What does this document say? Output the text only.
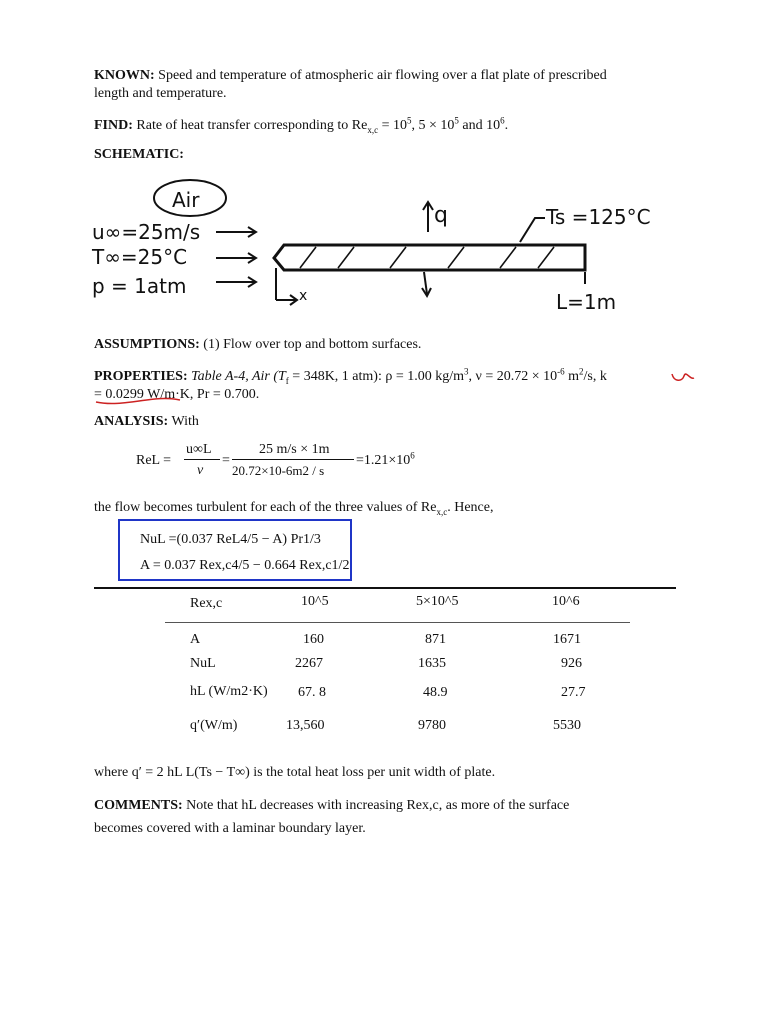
KNOWN: Speed and temperature of atmospheric air flowing over a flat plate of prescribed
length and temperature.
FIND: Rate of heat transfer corresponding to $Re_{x,c} = 10^5$, $5 \times 10^5$ and $10^6$.
SCHEMATIC:
Air
u∞=25m/s
T∞=25°C
p = 1atm
q	Ts =125°C
x	L=1m
ASSUMPTIONS: (1) Flow over top and bottom surfaces.
PROPERTIES: Table A-4, Air ($T_f = 348K$, 1 atm): ρ = 1.00 $kg/m^3$, $\nu = 20.72 \times 10^{-6}$ $m^2/s$, k
= 0.0299 W/m·K, Pr = 0.700.
ANALYSIS: With
ReL =
u∞L
ν
=
25 m/s × 1m
20.72×10-6m2 / s
$=1.21\times 10^6$
the flow becomes turbulent for each of the three values of $Re_{x,c}$. Hence,
NuL =(0.037 ReL4/5 − A) Pr1/3
A = 0.037 Rex,c4/5 − 0.664 Rex,c1/2
Rex,c	10^5	5×10^5	10^6
A	160	871	1671
NuL	2267	1635	926
hL (W/m2·K) 67. 8	48.9	27.7
q′(W/m)	13,560	9780	5530
where q′ = 2 hL L(Ts − T∞) is the total heat loss per unit width of plate.
COMMENTS: Note that hL decreases with increasing Rex,c, as more of the surface
becomes covered with a laminar boundary layer.
